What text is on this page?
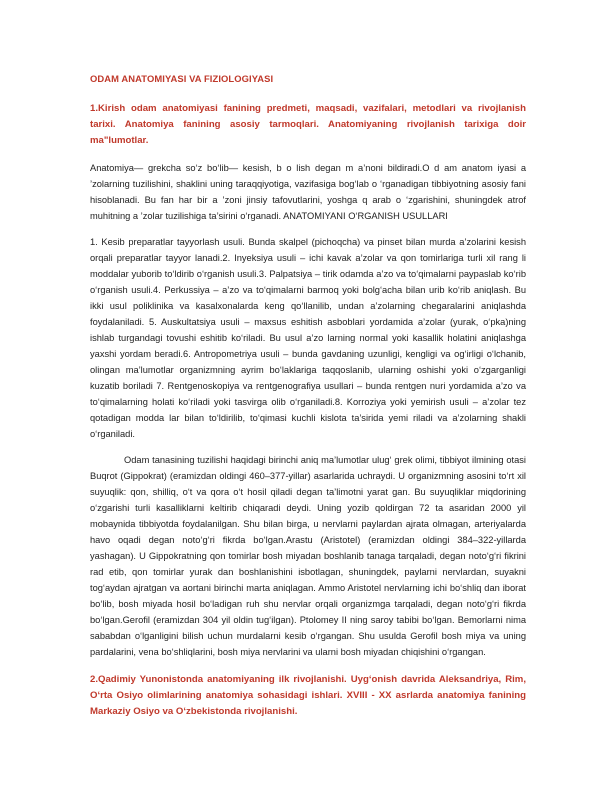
ODAM ANATOMIYASI VA FIZIOLOGIYASI
1.Kirish odam anatomiyasi fanining predmeti, maqsadi, vazifalari, metodlari va rivojlanish tarixi. Anatomiya fanining asosiy tarmoqlari. Anatomiyaning rivojlanish tarixiga doir ma"lumotlar.

Anatomiya— grekcha so‘z bo‘lib— kesish, b o lish degan m a’noni bildiradi.O d am anatom iyasi a ’zolarning tuzilishini, shaklini uning taraqqiyotiga, vazifasiga bog‘lab o ‘rganadigan tibbiyotning asosiy fani hisoblanadi. Bu fan har bir a ’zoni jinsiy tafovutlarini, yoshga q arab o ‘zgarishini, shuningdek atrof muhitning a ’zolar tuzilishiga ta’sirini o‘rganadi. ANATOMIYANI O‘RGANISH USULLARI

1. Kesib preparatlar tayyorlash usuli. Bunda skalpel (pichoqcha) va pinset bilan murda a’zolarini kesish orqali preparatlar tayyor lanadi.2. Inyeksiya usuli – ichi kavak a’zolar va qon tomirlariga turli xil rang li moddalar yuborib to‘ldirib o‘rganish usuli.3. Palpatsiya – tirik odamda a’zo va to‘qimalarni paypaslab ko‘rib o‘rganish usuli.4. Perkussiya – a’zo va to‘qimalarni barmoq yoki bolg‘acha bilan urib ko‘rib aniqlash. Bu ikki usul poliklinika va kasalxonalarda keng qo‘llanilib, undan a’zolarning chegaralarini aniqlashda foydalaniladi. 5. Auskultatsiya usuli – maxsus eshitish asboblari yordamida a’zolar (yurak, o‘pka)ning ishlab turgandagi tovushi eshitib ko‘riladi. Bu usul a’zo larning normal yoki kasallik holatini aniqlashga yaxshi yordam beradi.6. Antropometriya usuli – bunda gavdaning uzunligi, kengligi va og‘irligi o‘lchanib, olingan ma’lumotlar organizmning ayrim bo‘laklariga taqqoslanib, ularning oshishi yoki o‘zgarganligi kuzatib boriladi 7. Rentgenoskopiya va rentgenografiya usullari – bunda rentgen nuri yordamida a’zo va to‘qimalarning holati ko‘riladi yoki tasvirga olib o‘rganiladi.8. Korroziya yoki yemirish usuli – a’zolar tez qotadigan modda lar bilan to‘ldirilib, to‘qimasi kuchli kislota ta’sirida yemi riladi va a’zolarning shakli o‘rganiladi.

Odam tanasining tuzilishi haqidagi birinchi aniq ma’lumotlar ulug‘ grek olimi, tibbiyot ilmining otasi Buqrot (Gippokrat) (eramizdan oldingi 460–377-yillar) asarlarida uchraydi. U organizmning asosini to‘rt xil suyuqlik: qon, shilliq, o‘t va qora o‘t hosil qiladi degan ta’limotni yarat gan. Bu suyuqliklar miqdorining o‘zgarishi turli kasalliklarni keltirib chiqaradi deydi. Uning yozib qoldirgan 72 ta asaridan 2000 yil mobaynida tibbiyotda foydalanilgan. Shu bilan birga, u nervlarni paylardan ajrata olmagan, arteriyalarda havo oqadi degan noto‘g‘ri fikrda bo‘lgan.Arastu (Aristotel) (eramizdan oldingi 384–322-yillarda yashagan). U Gippokratning qon tomirlar bosh miyadan boshlanib tanaga tarqaladi, degan noto‘g‘ri fikrini rad etib, qon tomirlar yurak dan boshlanishini isbotlagan, shuningdek, paylarni nervlardan, suyakni tog‘aydan ajratgan va aortani birinchi marta aniqlagan. Ammo Aristotel nervlarning ichi bo‘shliq dan iborat bo‘lib, bosh miyada hosil bo‘ladigan ruh shu nervlar orqali organizmga tarqaladi, degan noto‘g‘ri fikrda bo‘lgan.Gerofil (eramizdan 304 yil oldin tug‘ilgan). Ptolomey II ning saroy tabibi bo‘lgan. Bemorlarni nima sababdan o‘lganligini bilish uchun murdalarni kesib o‘rgangan. Shu usulda Gerofil bosh miya va uning pardalarini, vena bo‘shliqlarini, bosh miya nervlarini va ularni bosh miyadan chiqishini o‘rgangan.

2.Qadimiy Yunonistonda anatomiyaning ilk rivojlanishi. Uyg‘onish davrida Aleksandriya, Rim, O‘rta Osiyo olimlarining anatomiya sohasidagi ishlari. XVIII - XX asrlarda anatomiya fanining Markaziy Osiyo va O‘zbekistonda rivojlanishi.
